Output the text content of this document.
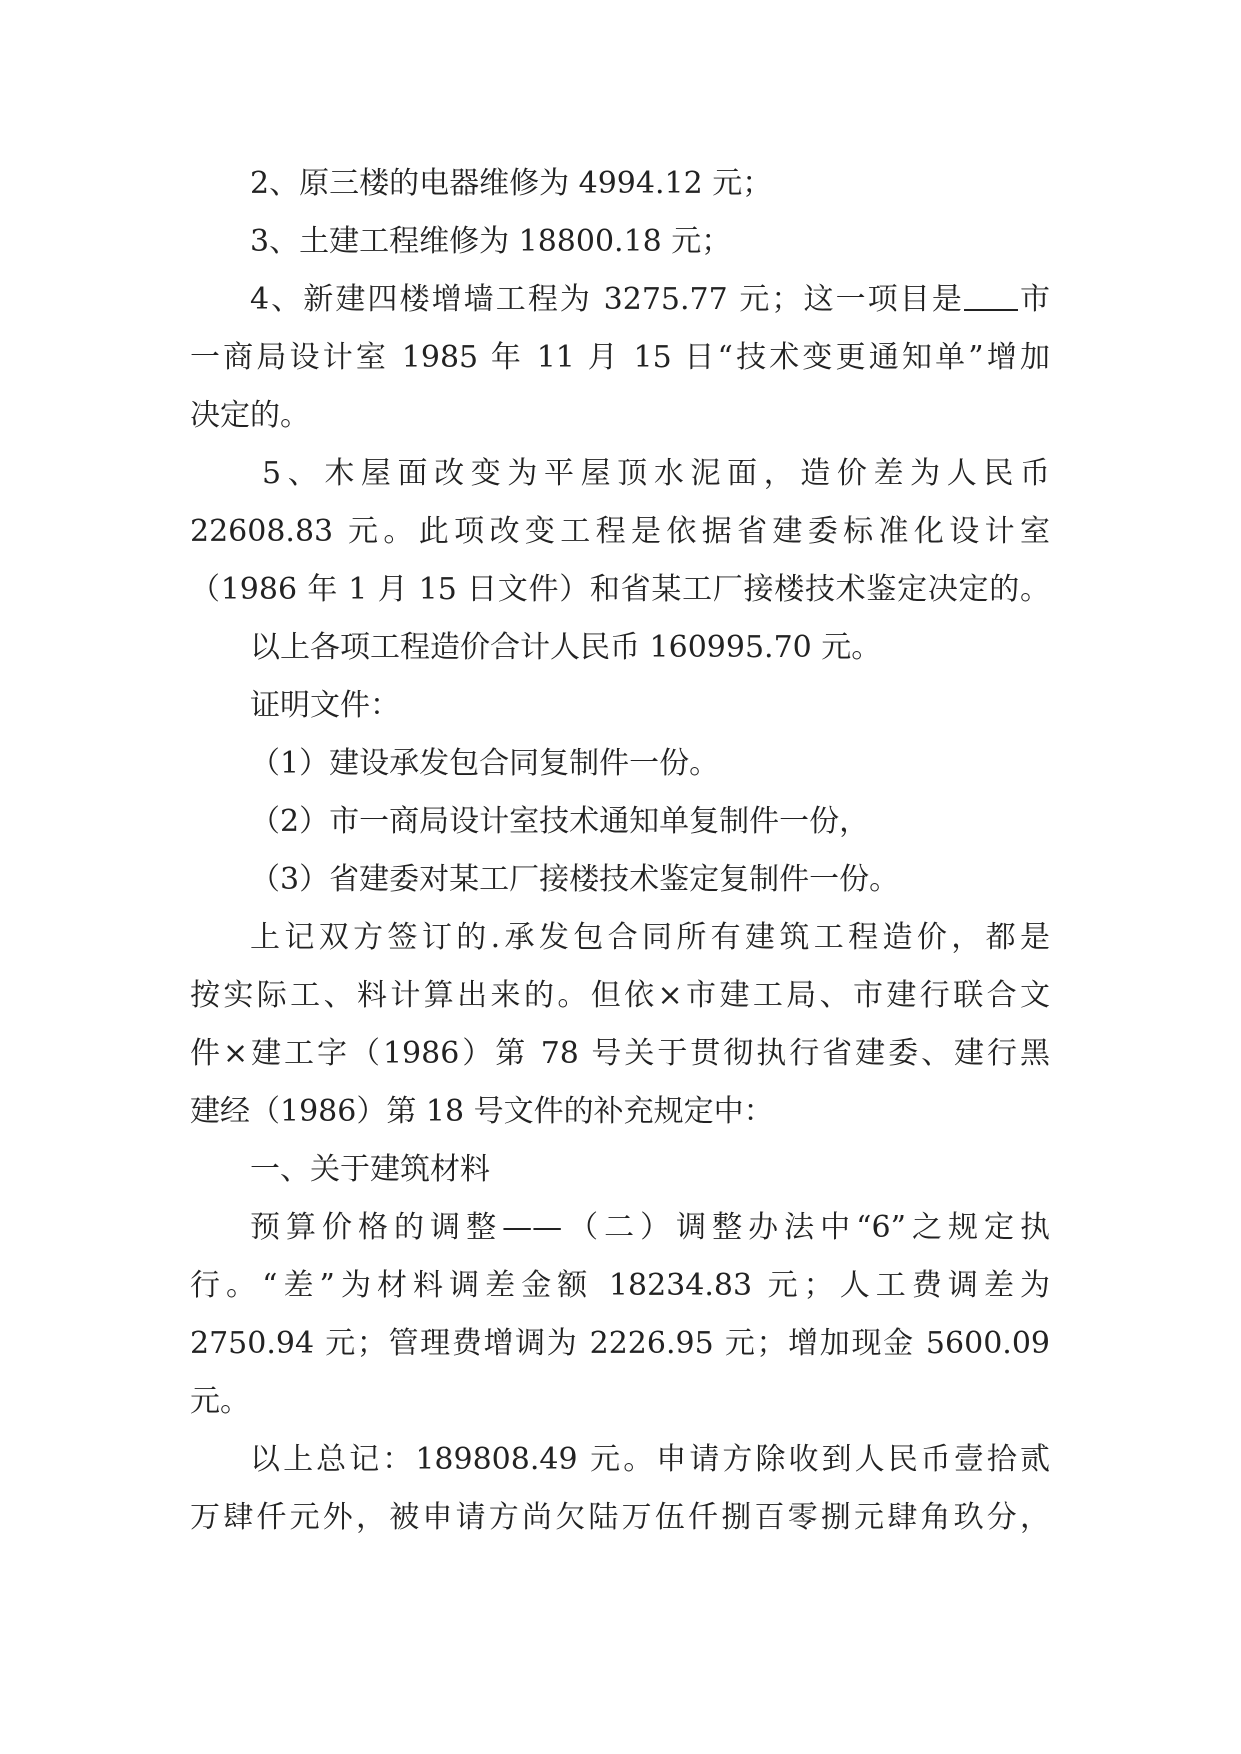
2、原三楼的电器维修为 4994.12 元；

3、土建工程维修为 18800.18 元；

4、新建四楼增墙工程为 3275.77 元；这一项目是 市

一商局设计室 1985 年 11 月 15 日“技术变更通知单”增加

决定的。

5、木屋面改变为平屋顶水泥面，造价差为人民币

22608.83 元。此项改变工程是依据省建委标准化设计室

（1986 年 1 月 15 日文件）和省某工厂接楼技术鉴定决定的。

以上各项工程造价合计人民币 160995.70 元。

证明文件：

（1）建设承发包合同复制件一份。

（2）市一商局设计室技术通知单复制件一份，

（3）省建委对某工厂接楼技术鉴定复制件一份。

上记双方签订的.承发包合同所有建筑工程造价，都是

按实际工、料计算出来的。但依×市建工局、市建行联合文

件×建工字（1986）第 78 号关于贯彻执行省建委、建行黑

建经（1986）第 18 号文件的补充规定中：

一、关于建筑材料

预算价格的调整——（二）调整办法中“6”之规定执

行。“差”为材料调差金额 18234.83 元；人工费调差为

2750.94 元；管理费增调为 2226.95 元；增加现金 5600.09

元。

以上总记：189808.49 元。申请方除收到人民币壹拾贰

万肆仟元外，被申请方尚欠陆万伍仟捌百零捌元肆角玖分，
